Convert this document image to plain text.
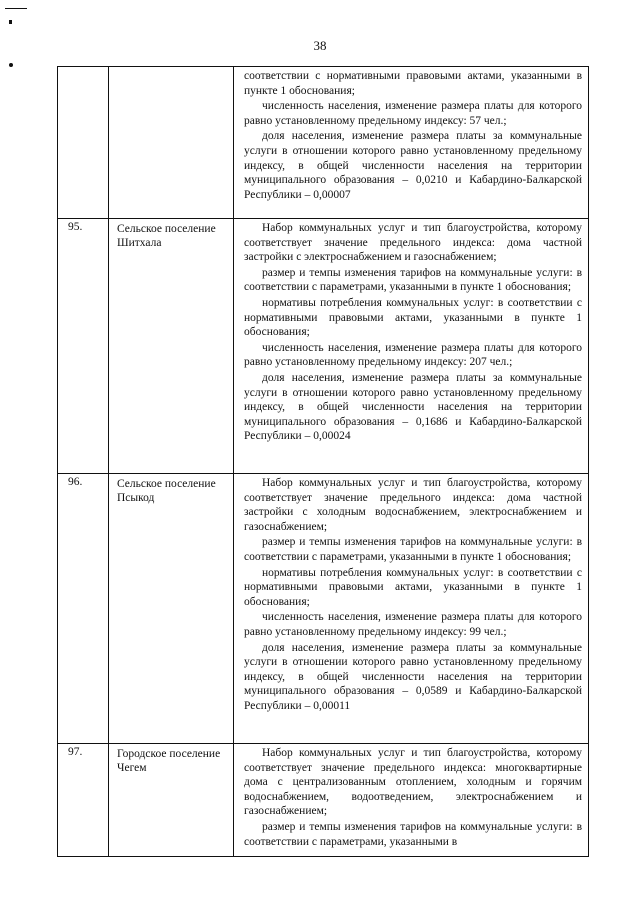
38

		соответствии с нормативными правовыми актами, указанными в пункте 1 обоснования;

численность населения, изменение размера платы для которого равно установленному предельному индексу: 57 чел.;

доля населения, изменение размера платы за коммунальные услуги в отношении которого равно установленному предельному индексу, в общей численности населения на территории муниципального образования – 0,0210 и Кабардино-Балкарской Республики – 0,00007

95.	Сельское поселение Шитхала	Набор коммунальных услуг и тип благоустройства, которому соответствует значение предельного индекса: дома частной застройки с электроснабжением и газоснабжением;

размер и темпы изменения тарифов на коммунальные услуги: в соответствии с параметрами, указанными в пункте 1 обоснования;

нормативы потребления коммунальных услуг: в соответствии с нормативными правовыми актами, указанными в пункте 1 обоснования;

численность населения, изменение размера платы для которого равно установленному предельному индексу: 207 чел.;

доля населения, изменение размера платы за коммунальные услуги в отношении которого равно установленному предельному индексу, в общей численности населения на территории муниципального образования – 0,1686 и Кабардино-Балкарской Республики – 0,00024

96.	Сельское поселение Псыкод	Набор коммунальных услуг и тип благоустройства, которому соответствует значение предельного индекса: дома частной застройки с холодным водоснабжением, электроснабжением и газоснабжением;

размер и темпы изменения тарифов на коммунальные услуги: в соответствии с параметрами, указанными в пункте 1 обоснования;

нормативы потребления коммунальных услуг: в соответствии с нормативными правовыми актами, указанными в пункте 1 обоснования;

численность населения, изменение размера платы для которого равно установленному предельному индексу: 99 чел.;

доля населения, изменение размера платы за коммунальные услуги в отношении которого равно установленному предельному индексу, в общей численности населения на территории муниципального образования – 0,0589 и Кабардино-Балкарской Республики – 0,00011

97.	Городское поселение Чегем	Набор коммунальных услуг и тип благоустройства, которому соответствует значение предельного индекса: многоквартирные дома с централизованным отоплением, холодным и горячим водоснабжением, водоотведением, электроснабжением и газоснабжением;

размер и темпы изменения тарифов на коммунальные услуги: в соответствии с параметрами, указанными в
